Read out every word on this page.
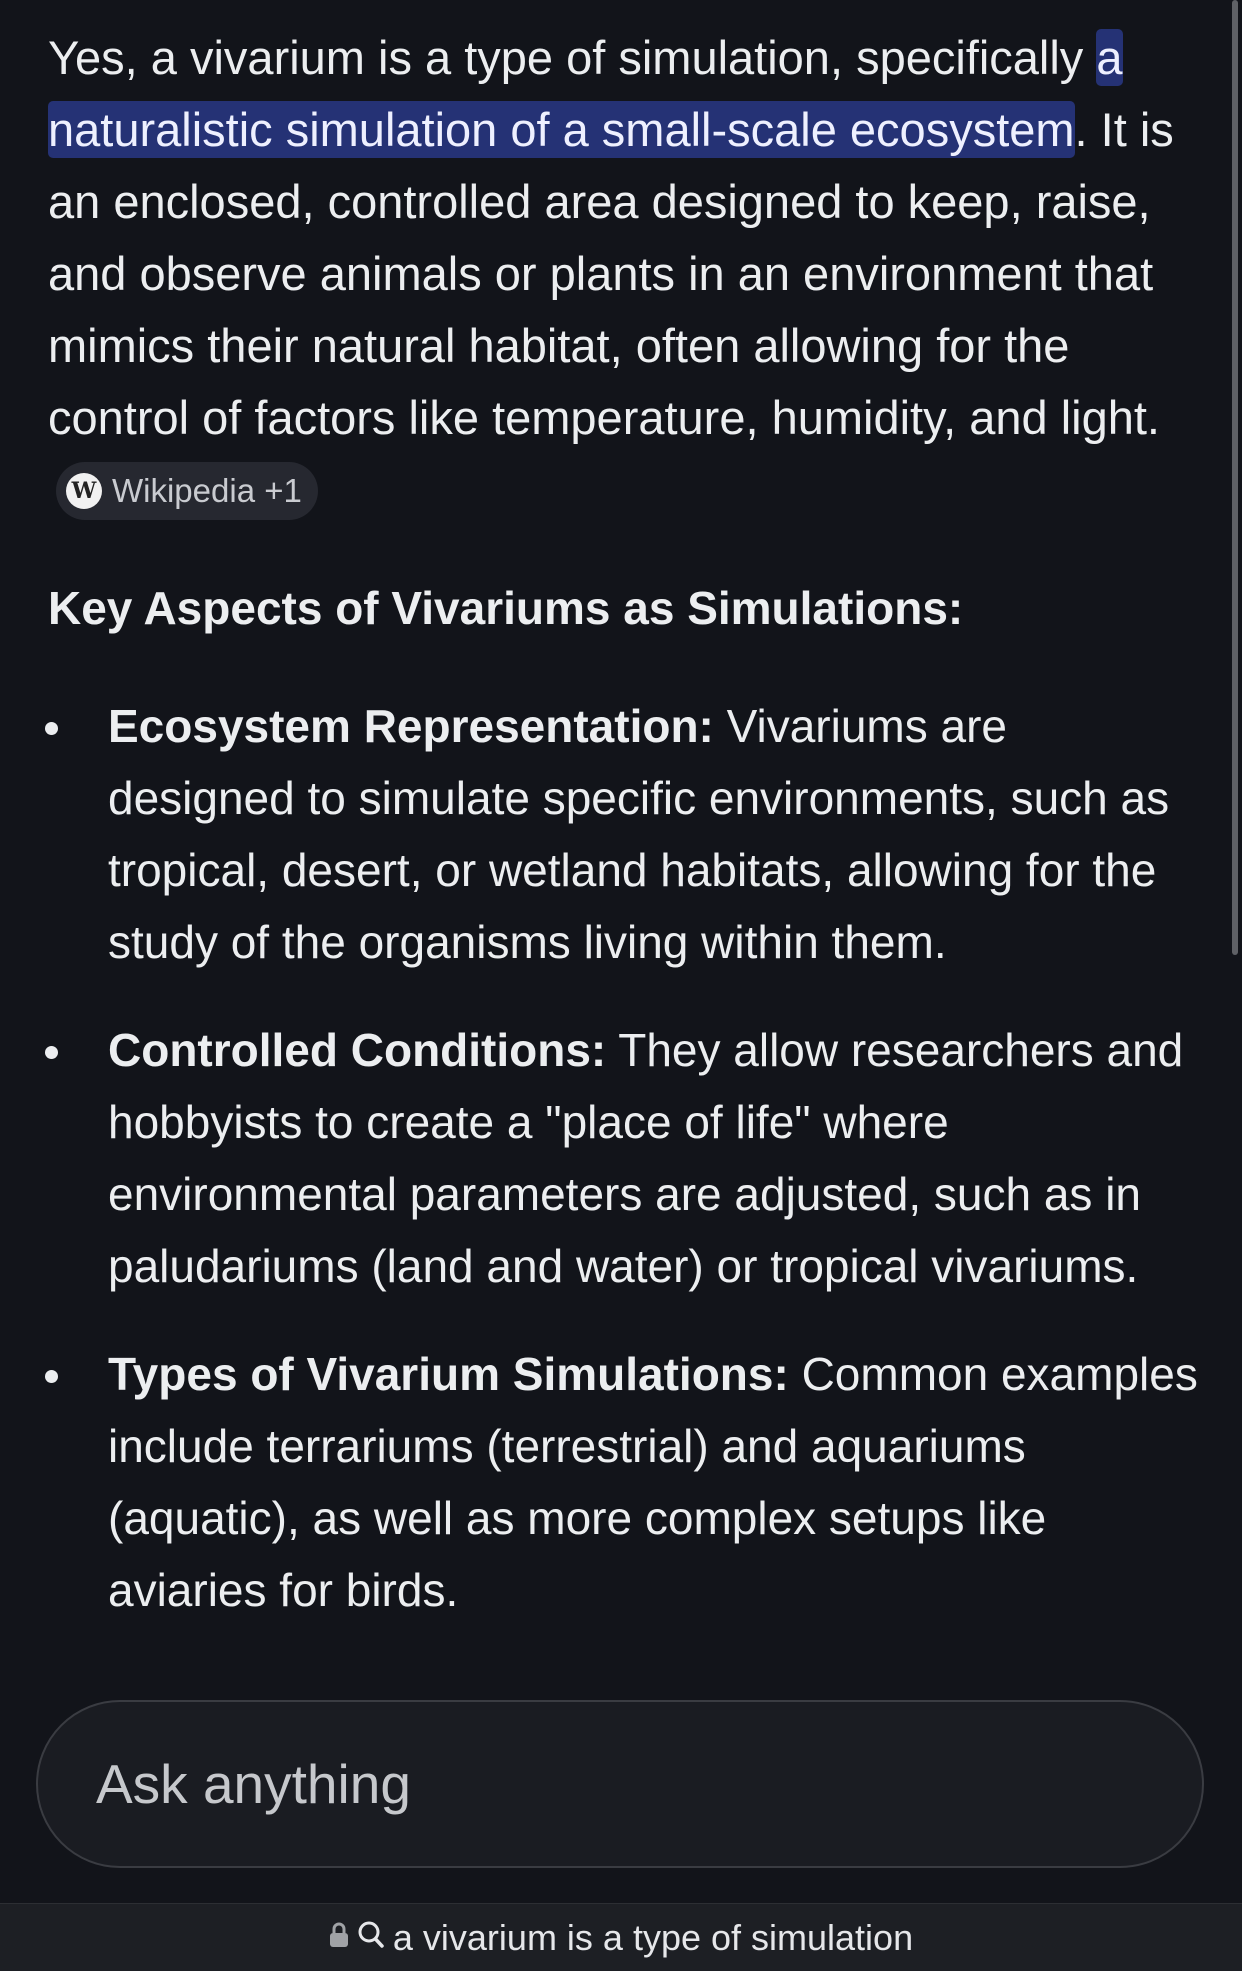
Yes, a vivarium is a type of simulation, specifically a naturalistic simulation of a small-scale ecosystem. It is an enclosed, controlled area designed to keep, raise, and observe animals or plants in an environment that mimics their natural habitat, often allowing for the control of factors like temperature, humidity, and light.
W Wikipedia +1
Key Aspects of Vivariums as Simulations:
Ecosystem Representation: Vivariums are designed to simulate specific environments, such as tropical, desert, or wetland habitats, allowing for the study of the organisms living within them.
Controlled Conditions: They allow researchers and hobbyists to create a "place of life" where environmental parameters are adjusted, such as in paludariums (land and water) or tropical vivariums.
Types of Vivarium Simulations: Common examples include terrariums (terrestrial) and aquariums (aquatic), as well as more complex setups like aviaries for birds.
Ask anything
a vivarium is a type of simulation
